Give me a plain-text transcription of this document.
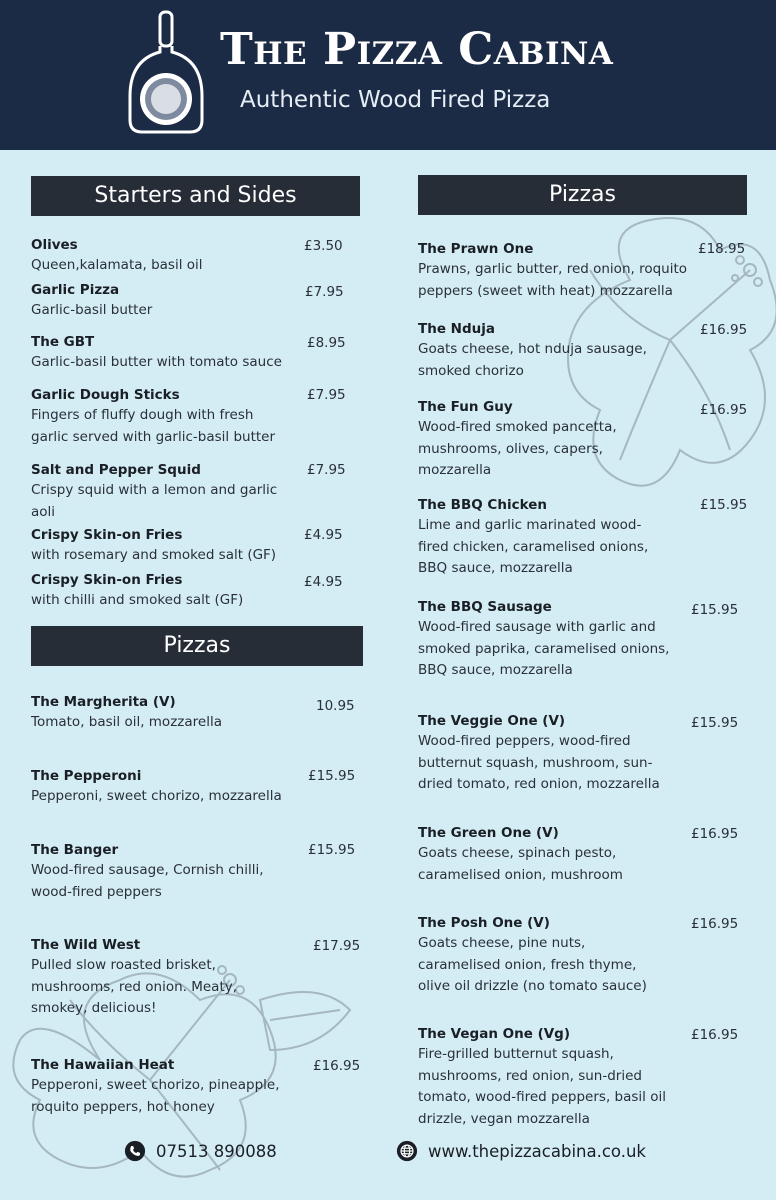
The Pizza Cabina
Authentic Wood Fired Pizza
Starters and Sides
Olives
Queen,kalamata, basil oil
£3.50
Garlic Pizza
Garlic-basil butter
£7.95
The GBT
Garlic-basil butter with tomato sauce
£8.95
Garlic Dough Sticks
Fingers of fluffy dough with fresh
garlic served with garlic-basil butter
£7.95
Salt and Pepper Squid
Crispy squid with a lemon and garlic
aoli
£7.95
Crispy Skin-on Fries
with rosemary and smoked salt (GF)
£4.95
Crispy Skin-on Fries
with chilli and smoked salt (GF)
£4.95
Pizzas
The Margherita (V)
Tomato, basil oil, mozzarella
10.95
The Pepperoni
Pepperoni, sweet chorizo, mozzarella
£15.95
The Banger
Wood-fired sausage, Cornish chilli,
wood-fired peppers
£15.95
The Wild West
Pulled slow roasted brisket,
mushrooms, red onion. Meaty,
smokey, delicious!
£17.95
The Hawaiian Heat
Pepperoni, sweet chorizo, pineapple,
roquito peppers, hot honey
£16.95
Pizzas
The Prawn One
Prawns, garlic butter, red onion, roquito
peppers (sweet with heat) mozzarella
£18.95
The Nduja
Goats cheese, hot nduja sausage,
smoked chorizo
£16.95
The Fun Guy
Wood-fired smoked pancetta,
mushrooms, olives, capers,
mozzarella
£16.95
The BBQ Chicken
Lime and garlic marinated wood-
fired chicken, caramelised onions,
BBQ sauce, mozzarella
£15.95
The BBQ Sausage
Wood-fired sausage with garlic and
smoked paprika, caramelised onions,
BBQ sauce, mozzarella
£15.95
The Veggie One (V)
Wood-fired peppers, wood-fired
butternut squash, mushroom, sun-
dried tomato, red onion, mozzarella
£15.95
The Green One (V)
Goats cheese, spinach pesto,
caramelised onion, mushroom
£16.95
The Posh One (V)
Goats cheese, pine nuts,
caramelised onion, fresh thyme,
olive oil drizzle (no tomato sauce)
£16.95
The Vegan One (Vg)
Fire-grilled butternut squash,
mushrooms, red onion, sun-dried
tomato, wood-fired peppers, basil oil
drizzle, vegan mozzarella
£16.95
07513 890088	www.thepizzacabina.co.uk
